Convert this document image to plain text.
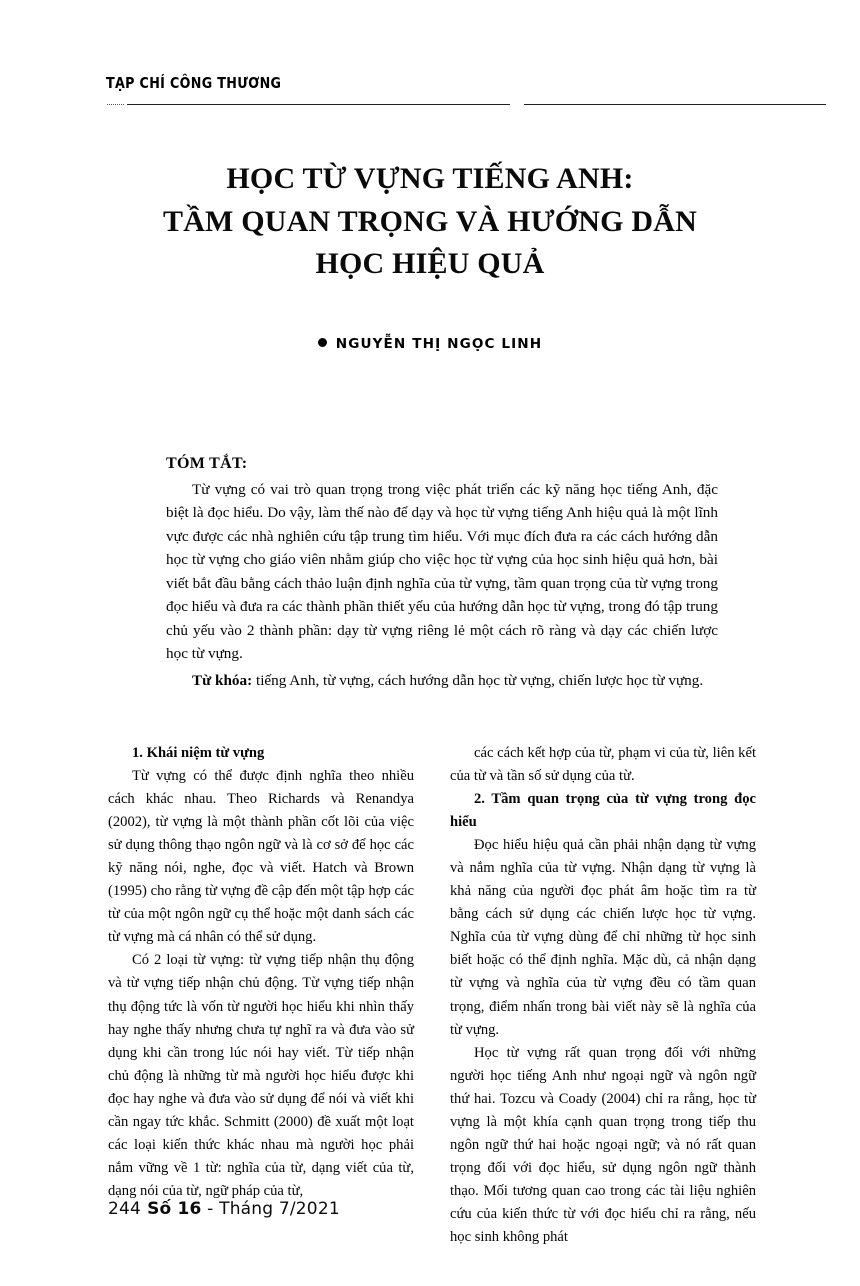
TẠP CHÍ CÔNG THƯƠNG
HỌC TỪ VỰNG TIẾNG ANH:
TẦM QUAN TRỌNG VÀ HƯỚNG DẪN
HỌC HIỆU QUẢ
NGUYỄN THỊ NGỌC LINH
TÓM TẮT:

Từ vựng có vai trò quan trọng trong việc phát triển các kỹ năng học tiếng Anh, đặc biệt là đọc hiểu. Do vậy, làm thế nào để dạy và học từ vựng tiếng Anh hiệu quả là một lĩnh vực được các nhà nghiên cứu tập trung tìm hiểu. Với mục đích đưa ra các cách hướng dẫn học từ vựng cho giáo viên nhằm giúp cho việc học từ vựng của học sinh hiệu quả hơn, bài viết bắt đầu bằng cách thảo luận định nghĩa của từ vựng, tầm quan trọng của từ vựng trong đọc hiểu và đưa ra các thành phần thiết yếu của hướng dẫn học từ vựng, trong đó tập trung chủ yếu vào 2 thành phần: dạy từ vựng riêng lẻ một cách rõ ràng và dạy các chiến lược học từ vựng.

Từ khóa: tiếng Anh, từ vựng, cách hướng dẫn học từ vựng, chiến lược học từ vựng.

1. Khái niệm từ vựng

Từ vựng có thể được định nghĩa theo nhiều cách khác nhau. Theo Richards và Renandya (2002), từ vựng là một thành phần cốt lõi của việc sử dụng thông thạo ngôn ngữ và là cơ sở để học các kỹ năng nói, nghe, đọc và viết. Hatch và Brown (1995) cho rằng từ vựng đề cập đến một tập hợp các từ của một ngôn ngữ cụ thể hoặc một danh sách các từ vựng mà cá nhân có thể sử dụng.

Có 2 loại từ vựng: từ vựng tiếp nhận thụ động và từ vựng tiếp nhận chủ động. Từ vựng tiếp nhận thụ động tức là vốn từ người học hiểu khi nhìn thấy hay nghe thấy nhưng chưa tự nghĩ ra và đưa vào sử dụng khi cần trong lúc nói hay viết. Từ tiếp nhận chủ động là những từ mà người học hiểu được khi đọc hay nghe và đưa vào sử dụng để nói và viết khi cần ngay tức khắc. Schmitt (2000) đề xuất một loạt các loại kiến thức khác nhau mà người học phải nắm vững về 1 từ: nghĩa của từ, dạng viết của từ, dạng nói của từ, ngữ pháp của từ,

các cách kết hợp của từ, phạm vi của từ, liên kết của từ và tần số sử dụng của từ.

2. Tầm quan trọng của từ vựng trong đọc hiểu

Đọc hiểu hiệu quả cần phải nhận dạng từ vựng và nắm nghĩa của từ vựng. Nhận dạng từ vựng là khả năng của người đọc phát âm hoặc tìm ra từ bằng cách sử dụng các chiến lược học từ vựng. Nghĩa của từ vựng dùng để chỉ những từ học sinh biết hoặc có thể định nghĩa. Mặc dù, cả nhận dạng từ vựng và nghĩa của từ vựng đều có tầm quan trọng, điểm nhấn trong bài viết này sẽ là nghĩa của từ vựng.

Học từ vựng rất quan trọng đối với những người học tiếng Anh như ngoại ngữ và ngôn ngữ thứ hai. Tozcu và Coady (2004) chỉ ra rằng, học từ vựng là một khía cạnh quan trọng trong tiếp thu ngôn ngữ thứ hai hoặc ngoại ngữ; và nó rất quan trọng đối với đọc hiểu, sử dụng ngôn ngữ thành thạo. Mối tương quan cao trong các tài liệu nghiên cứu của kiến thức từ với đọc hiểu chỉ ra rằng, nếu học sinh không phát

244 Số 16 - Tháng 7/2021
